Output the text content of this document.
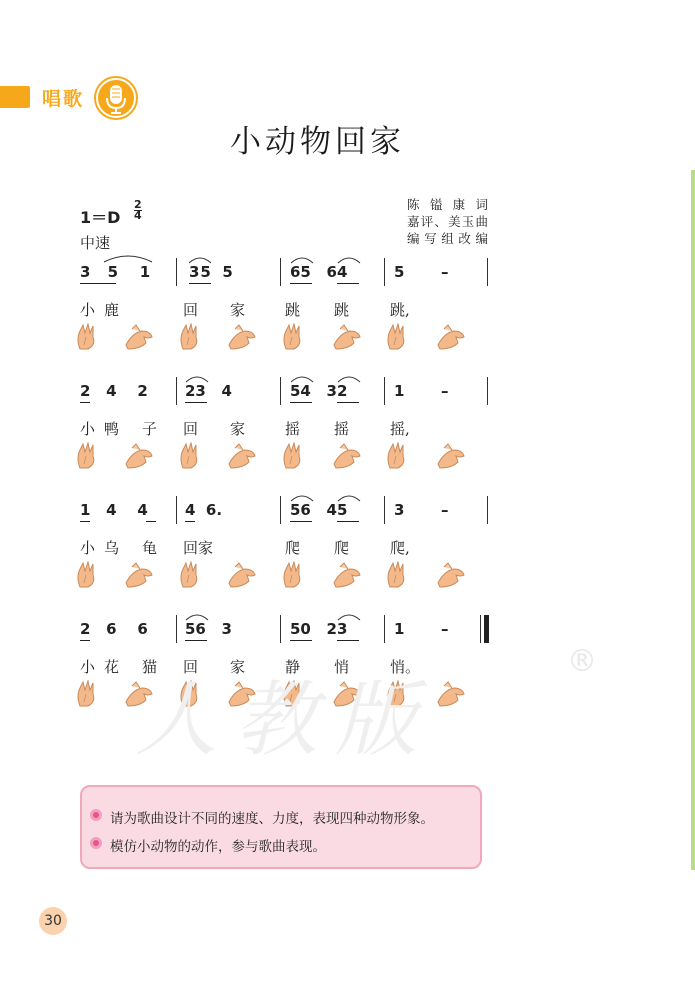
唱歌
小动物回家
$1=D \frac{2}{4}$
中速
陈镒康词
嘉评、美玉曲
编写组改编
3 5 1	35  5	65   64	5       –
小 鹿	回 家	跳 跳	跳,
2   4    2 23   4	54   32	1       –
小 鸭 子 回 家	摇 摇	摇,
1   4    4 4  6.	56   45	3       –
小 乌 龟 回家	爬 爬	爬,
2   6    6 56   3	50   23	1       –
小 花 猫 回 家	静 悄	悄。
人教版
®
请为歌曲设计不同的速度、力度，表现四种动物形象。
模仿小动物的动作，参与歌曲表现。
30
